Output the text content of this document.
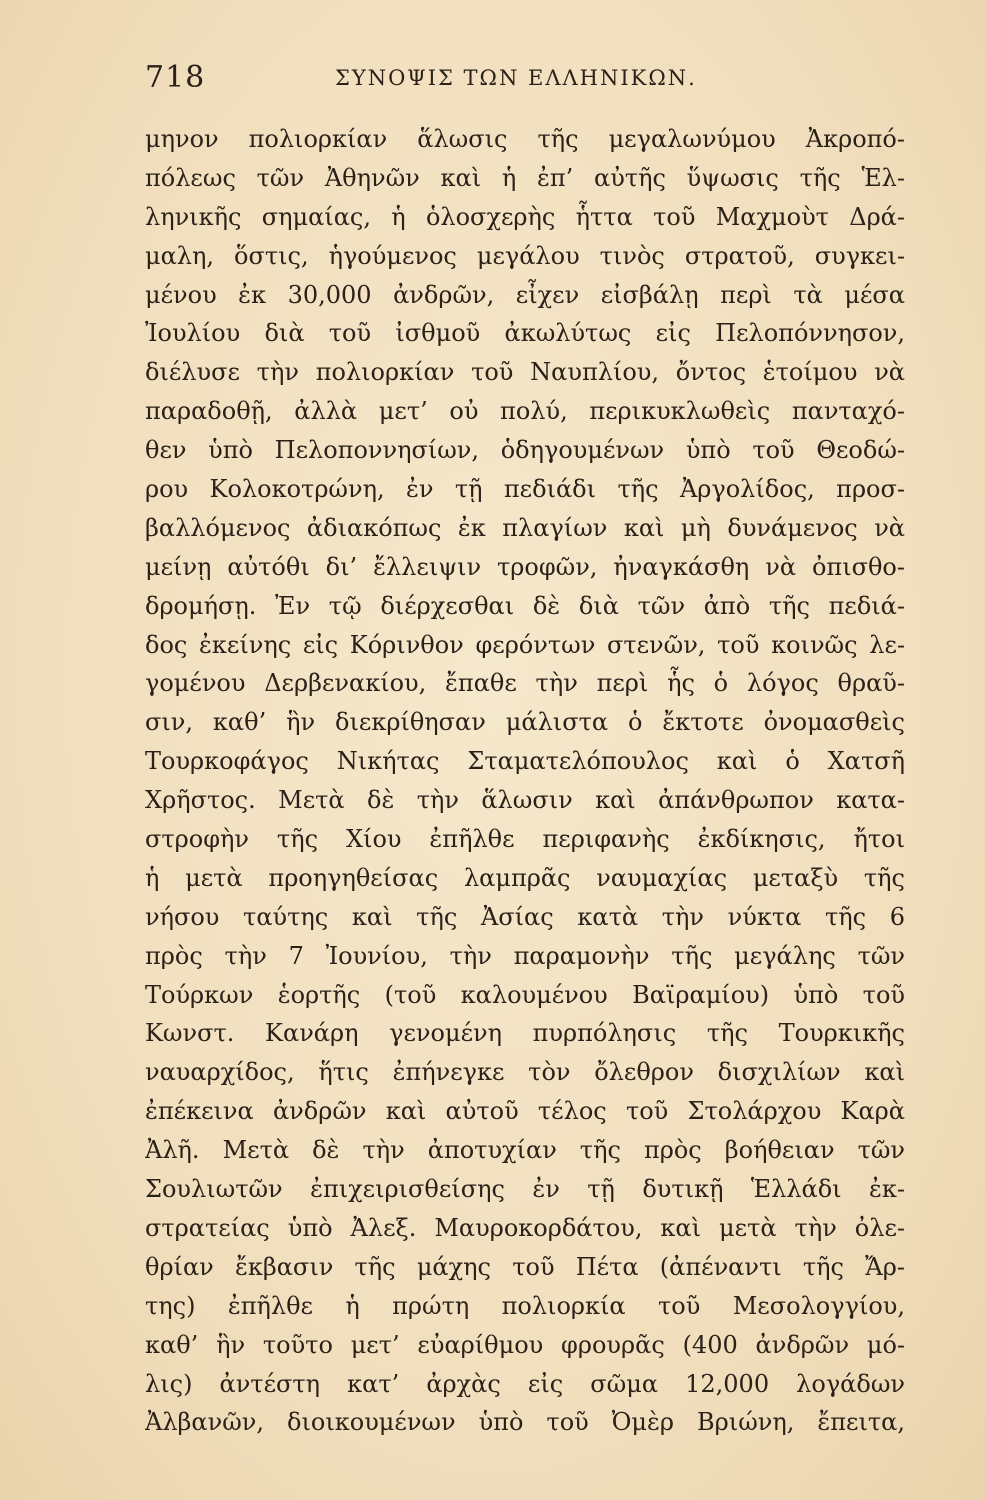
718	ΣΥΝΟΨΙΣ ΤΩΝ ΕΛΛΗΝΙΚΩΝ.
μηνον πολιορκίαν ἅλωσις τῆς μεγαλωνύμου Ἀκροπό-
πόλεως τῶν Ἀθηνῶν καὶ ἡ ἐπ’ αὐτῆς ὕψωσις τῆς Ἑλ-
ληνικῆς σημαίας, ἡ ὁλοσχερὴς ἧττα τοῦ Μαχμοὺτ Δρά-
μαλη, ὅστις, ἡγούμενος μεγάλου τινὸς στρατοῦ, συγκει-
μένου ἐκ 30,000 ἀνδρῶν, εἶχεν εἰσβάλῃ περὶ τὰ μέσα
Ἰουλίου διὰ τοῦ ἰσθμοῦ ἀκωλύτως εἰς Πελοπόννησον,
διέλυσε τὴν πολιορκίαν τοῦ Ναυπλίου, ὄντος ἑτοίμου νὰ
παραδοθῇ, ἀλλὰ μετ’ οὐ πολύ, περικυκλωθεὶς πανταχό-
θεν ὑπὸ Πελοποννησίων, ὁδηγουμένων ὑπὸ τοῦ Θεοδώ-
ρου Κολοκοτρώνη, ἐν τῇ πεδιάδι τῆς Ἀργολίδος, προσ-
βαλλόμενος ἀδιακόπως ἐκ πλαγίων καὶ μὴ δυνάμενος νὰ
μείνῃ αὐτόθι δι’ ἔλλειψιν τροφῶν, ἠναγκάσθη νὰ ὀπισθο-
δρομήσῃ. Ἐν τῷ διέρχεσθαι δὲ διὰ τῶν ἀπὸ τῆς πεδιά-
δος ἐκείνης εἰς Κόρινθον φερόντων στενῶν, τοῦ κοινῶς λε-
γομένου Δερβενακίου, ἔπαθε τὴν περὶ ἧς ὁ λόγος θραῦ-
σιν, καθ’ ἣν διεκρίθησαν μάλιστα ὁ ἔκτοτε ὀνομασθεὶς
Τουρκοφάγος Νικήτας Σταματελόπουλος καὶ ὁ Χατσῆ
Χρῆστος. Μετὰ δὲ τὴν ἅλωσιν καὶ ἀπάνθρωπον κατα-
στροφὴν τῆς Χίου ἐπῆλθε περιφανὴς ἐκδίκησις, ἤτοι
ἡ μετὰ προηγηθείσας λαμπρᾶς ναυμαχίας μεταξὺ τῆς
νήσου ταύτης καὶ τῆς Ἀσίας κατὰ τὴν νύκτα τῆς 6
πρὸς τὴν 7 Ἰουνίου, τὴν παραμονὴν τῆς μεγάλης τῶν
Τούρκων ἑορτῆς (τοῦ καλουμένου Βαϊραμίου) ὑπὸ τοῦ
Κωνστ. Κανάρη γενομένη πυρπόλησις τῆς Τουρκικῆς
ναυαρχίδος, ἥτις ἐπήνεγκε τὸν ὄλεθρον δισχιλίων καὶ
ἐπέκεινα ἀνδρῶν καὶ αὐτοῦ τέλος τοῦ Στολάρχου Καρὰ
Ἀλῆ. Μετὰ δὲ τὴν ἀποτυχίαν τῆς πρὸς βοήθειαν τῶν
Σουλιωτῶν ἐπιχειρισθείσης ἐν τῇ δυτικῇ Ἑλλάδι ἐκ-
στρατείας ὑπὸ Ἀλεξ. Μαυροκορδάτου, καὶ μετὰ τὴν ὀλε-
θρίαν ἔκβασιν τῆς μάχης τοῦ Πέτα (ἀπέναντι τῆς Ἄρ-
της) ἐπῆλθε ἡ πρώτη πολιορκία τοῦ Μεσολογγίου,
καθ’ ἣν τοῦτο μετ’ εὐαρίθμου φρουρᾶς (400 ἀνδρῶν μό-
λις) ἀντέστη κατ’ ἀρχὰς εἰς σῶμα 12,000 λογάδων
Ἀλβανῶν, διοικουμένων ὑπὸ τοῦ Ὀμὲρ Βριώνη, ἔπειτα,
